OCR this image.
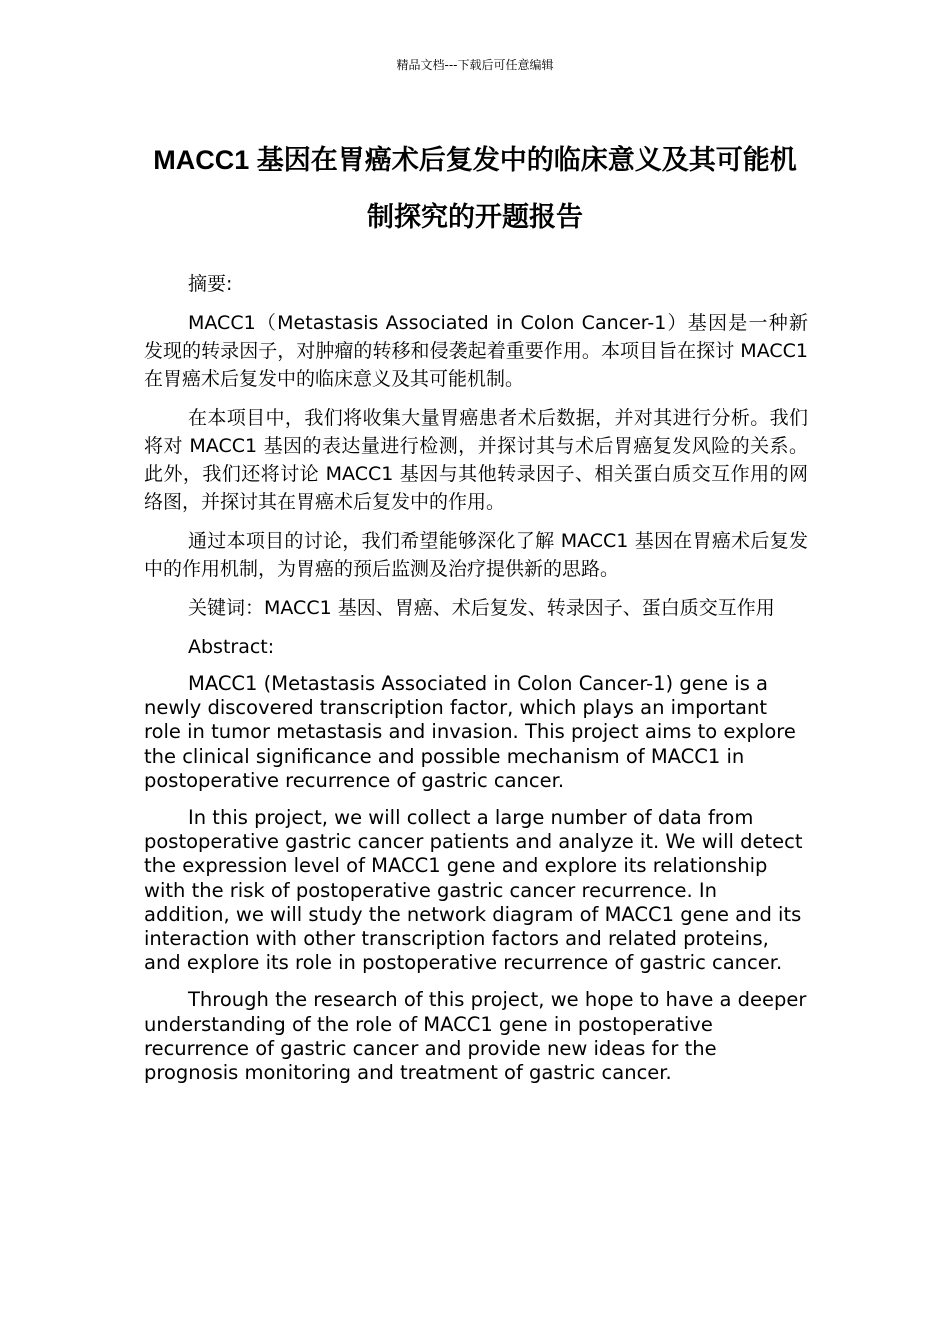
精品文档---下载后可任意编辑
MACC1 基因在胃癌术后复发中的临床意义及其可能机制探究的开题报告

摘要:

MACC1（Metastasis Associated in Colon Cancer-1）基因是一种新发现的转录因子，对肿瘤的转移和侵袭起着重要作用。本项目旨在探讨 MACC1 在胃癌术后复发中的临床意义及其可能机制。

在本项目中，我们将收集大量胃癌患者术后数据，并对其进行分析。我们将对 MACC1 基因的表达量进行检测，并探讨其与术后胃癌复发风险的关系。此外，我们还将讨论 MACC1 基因与其他转录因子、相关蛋白质交互作用的网络图，并探讨其在胃癌术后复发中的作用。

通过本项目的讨论，我们希望能够深化了解 MACC1 基因在胃癌术后复发中的作用机制，为胃癌的预后监测及治疗提供新的思路。

关键词：MACC1 基因、胃癌、术后复发、转录因子、蛋白质交互作用

Abstract:

MACC1 (Metastasis Associated in Colon Cancer-1) gene is a newly discovered transcription factor, which plays an important role in tumor metastasis and invasion. This project aims to explore the clinical significance and possible mechanism of MACC1 in postoperative recurrence of gastric cancer.

In this project, we will collect a large number of data from postoperative gastric cancer patients and analyze it. We will detect the expression level of MACC1 gene and explore its relationship with the risk of postoperative gastric cancer recurrence. In addition, we will study the network diagram of MACC1 gene and its interaction with other transcription factors and related proteins, and explore its role in postoperative recurrence of gastric cancer.

Through the research of this project, we hope to have a deeper understanding of the role of MACC1 gene in postoperative recurrence of gastric cancer and provide new ideas for the prognosis monitoring and treatment of gastric cancer.
